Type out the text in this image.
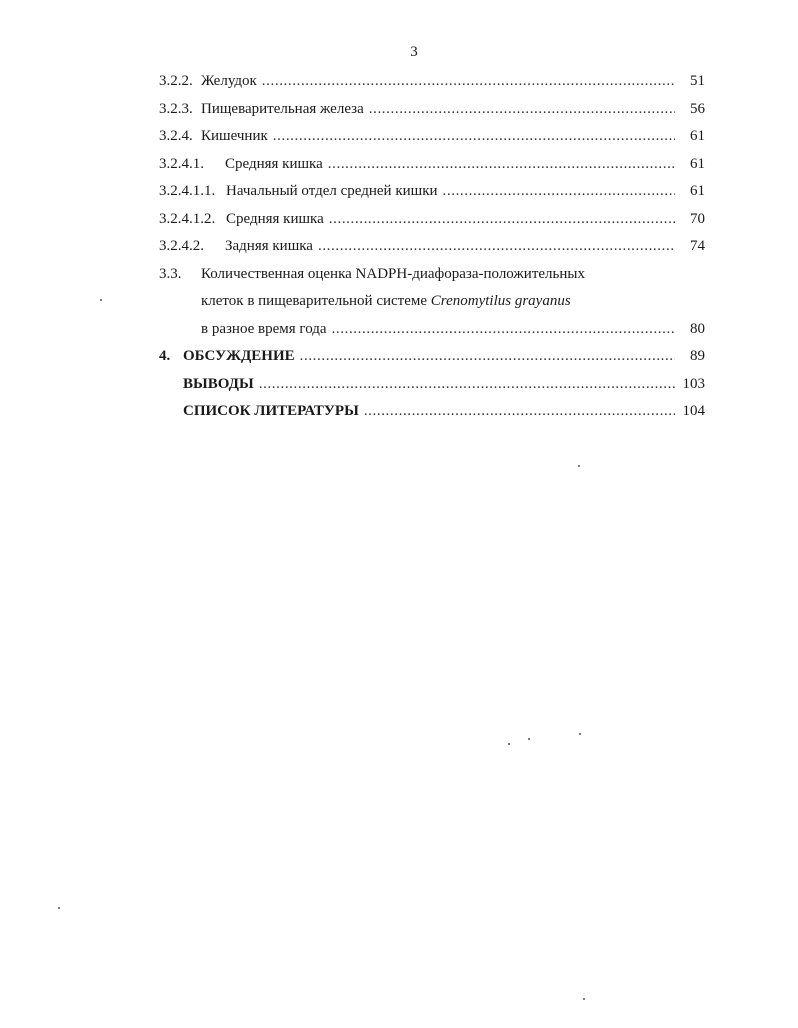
3
3.2.2. Желудок .....	51
3.2.3. Пищеварительная железа .....	56
3.2.4. Кишечник .....	61
3.2.4.1.	Средняя кишка .....	61
3.2.4.1.1. Начальный отдел средней кишки .....	61
3.2.4.1.2. Средняя кишка .....	70
3.2.4.2.	Задняя кишка .....	74
3.3.	Количественная оценка NADPH-диафораза-положительных
клеток в пищеварительной системе Crenomytilus grayanus
в разное время года .....	80
4. ОБСУЖДЕНИЕ .....	89
ВЫВОДЫ .....	103
СПИСОК ЛИТЕРАТУРЫ .....	104
